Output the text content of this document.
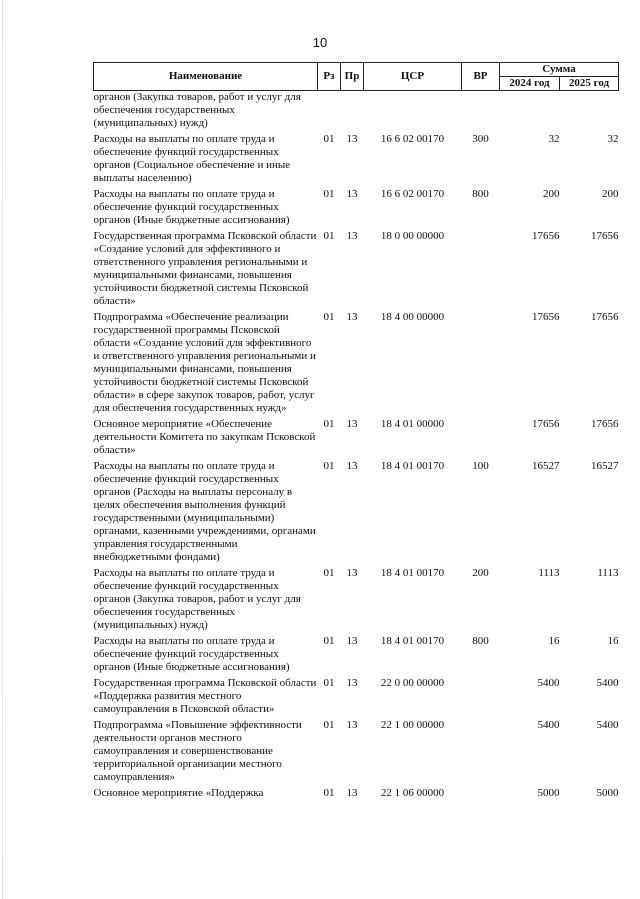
10
Наименование	Рз	Пр	ЦСР	ВР	Сумма	
					2024 год	2025 год
органов (Закупка товаров, работ и услуг для обеспечения государственных (муниципальных) нужд)						
Расходы на выплаты по оплате труда и обеспечение функций государственных органов (Социальное обеспечение и иные выплаты населению)	01	13	16 6 02 00170	300	32	32
Расходы на выплаты по оплате труда и обеспечение функций государственных органов (Иные бюджетные ассигнования)	01	13	16 6 02 00170	800	200	200
Государственная программа Псковской области «Создание условий для эффективного и ответственного управления региональными и муниципальными финансами, повышения устойчивости бюджетной системы Псковской области»	01	13	18 0 00 00000		17656	17656
Подпрограмма «Обеспечение реализации государственной программы Псковской области «Создание условий для эффективного и ответственного управления региональными и муниципальными финансами, повышения устойчивости бюджетной системы Псковской области» в сфере закупок товаров, работ, услуг для обеспечения государственных нужд»	01	13	18 4 00 00000		17656	17656
Основное мероприятие «Обеспечение деятельности Комитета по закупкам Псковской области»	01	13	18 4 01 00000		17656	17656
Расходы на выплаты по оплате труда и обеспечение функций государственных органов (Расходы на выплаты персоналу в целях обеспечения выполнения функций государственными (муниципальными) органами, казенными учреждениями, органами управления государственными внебюджетными фондами)	01	13	18 4 01 00170	100	16527	16527
Расходы на выплаты по оплате труда и обеспечение функций государственных органов (Закупка товаров, работ и услуг для обеспечения государственных (муниципальных) нужд)	01	13	18 4 01 00170	200	1113	1113
Расходы на выплаты по оплате труда и обеспечение функций государственных органов (Иные бюджетные ассигнования)	01	13	18 4 01 00170	800	16	16
Государственная программа Псковской области «Поддержка развития местного самоуправления в Псковской области»	01	13	22 0 00 00000		5400	5400
Подпрограмма «Повышение эффективности деятельности органов местного самоуправления и совершенствование территориальной организации местного самоуправления»	01	13	22 1 00 00000		5400	5400
Основное мероприятие «Поддержка	01	13	22 1 06 00000		5000	5000
